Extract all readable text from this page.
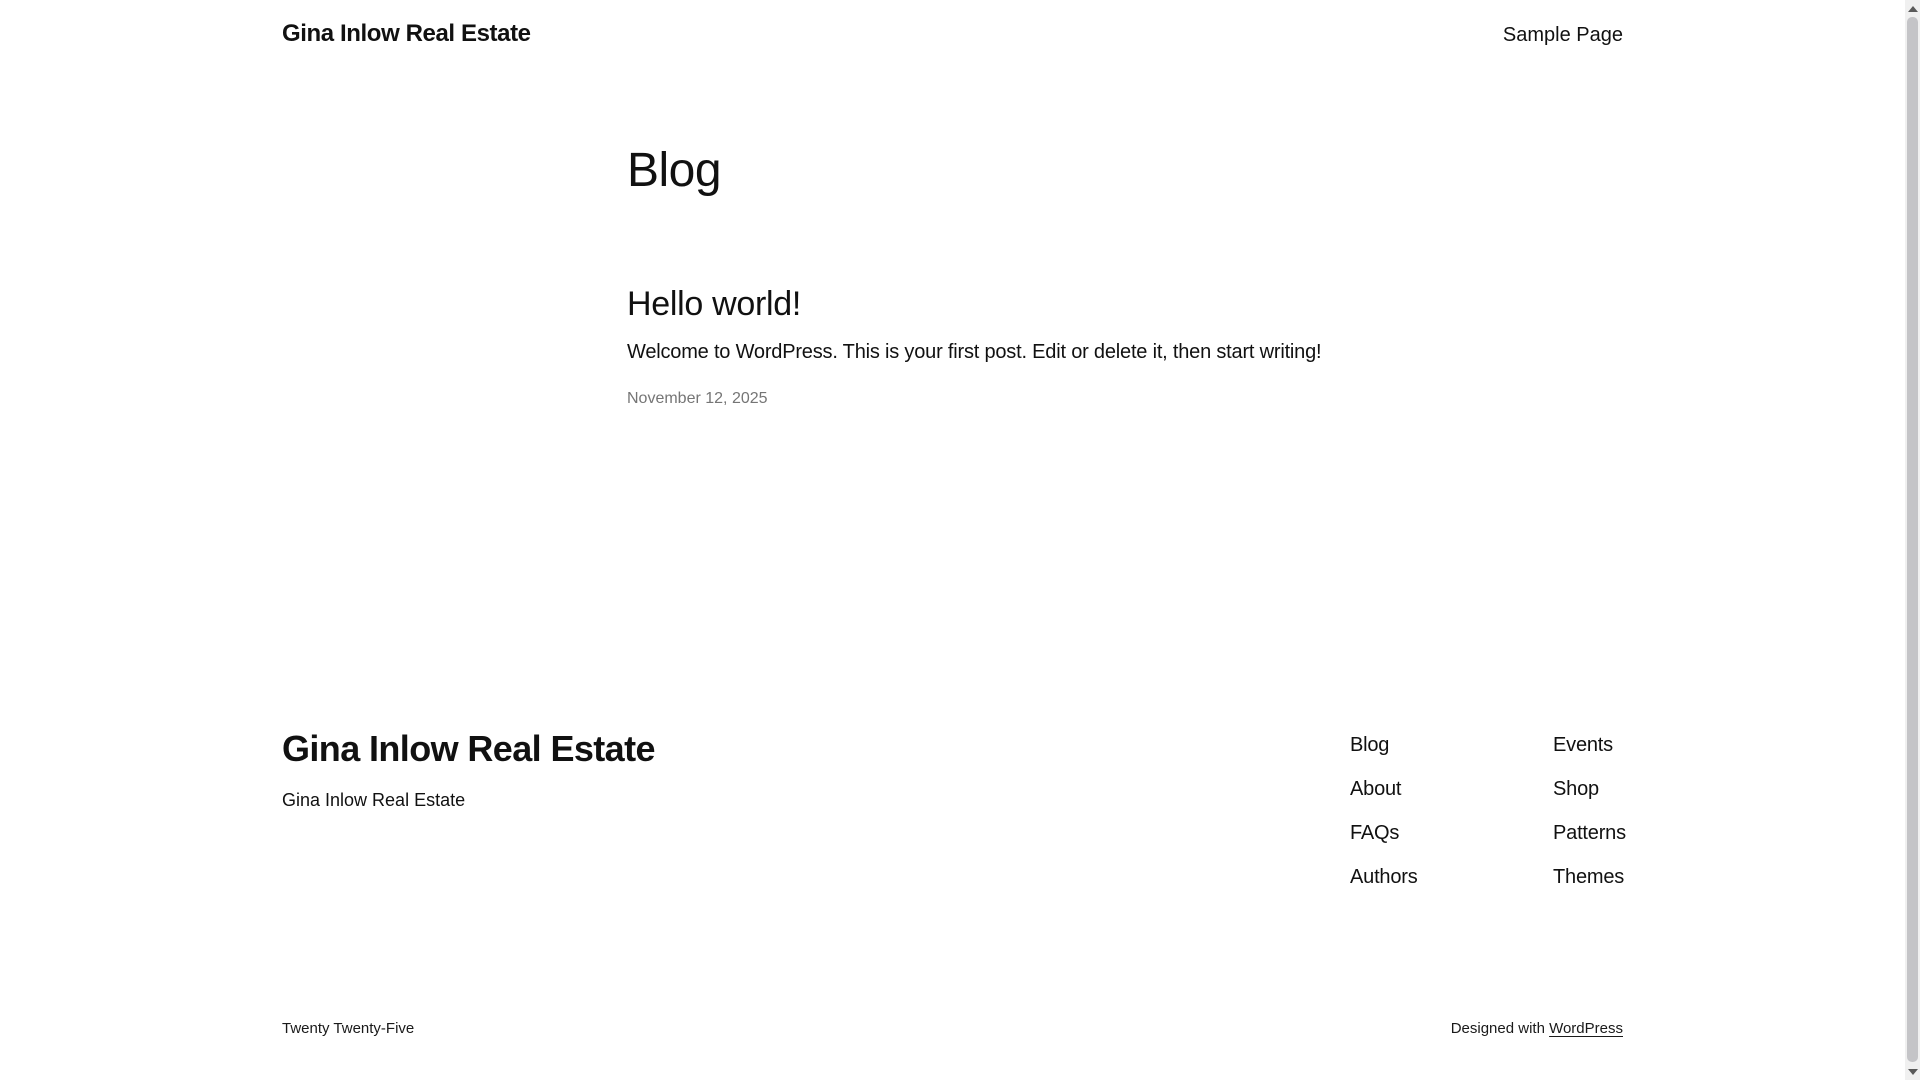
Gina Inlow Real Estate	Sample Page
Blog
Hello world!

Welcome to WordPress. This is your first post. Edit or delete it, then start writing!

November 12, 2025
Gina Inlow Real Estate
Gina Inlow Real Estate
Blog
About
FAQs
Authors
Events
Shop
Patterns
Themes
Twenty Twenty-Five	Designed with WordPress
